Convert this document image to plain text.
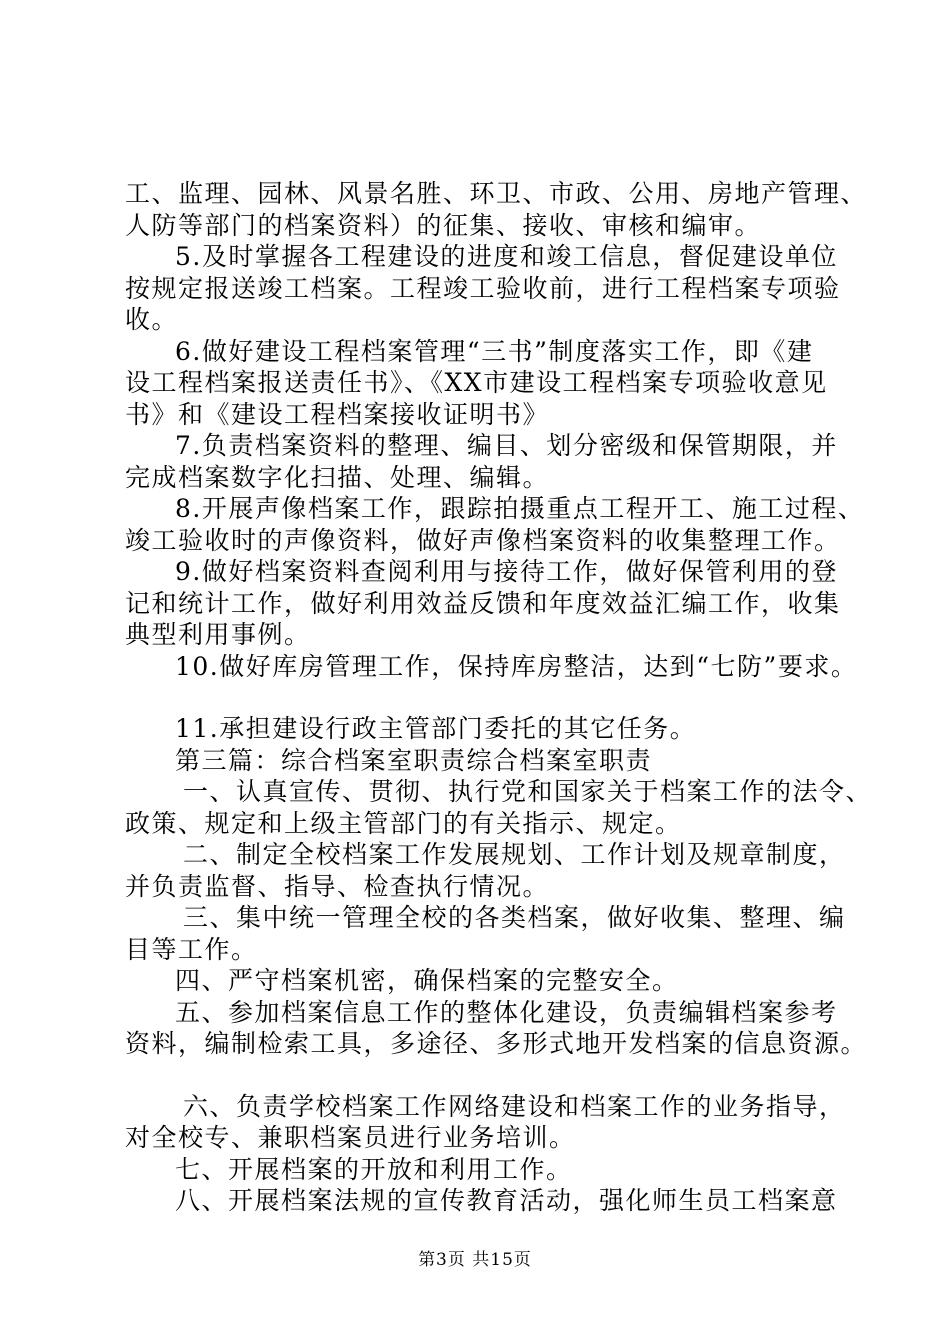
工、监理、园林、风景名胜、环卫、市政、公用、房地产管理、
人防等部门的档案资料）的征集、接收、审核和编审。
5.及时掌握各工程建设的进度和竣工信息，督促建设单位
按规定报送竣工档案。工程竣工验收前，进行工程档案专项验
收。
6.做好建设工程档案管理“三书”制度落实工作，即《建
设工程档案报送责任书》、《XX市建设工程档案专项验收意见
书》和《建设工程档案接收证明书》
7.负责档案资料的整理、编目、划分密级和保管期限，并
完成档案数字化扫描、处理、编辑。
8.开展声像档案工作，跟踪拍摄重点工程开工、施工过程、
竣工验收时的声像资料，做好声像档案资料的收集整理工作。
9.做好档案资料查阅利用与接待工作，做好保管利用的登
记和统计工作，做好利用效益反馈和年度效益汇编工作，收集
典型利用事例。
10.做好库房管理工作，保持库房整洁，达到“七防”要求。
11.承担建设行政主管部门委托的其它任务。
第三篇：综合档案室职责综合档案室职责
一、认真宣传、贯彻、执行党和国家关于档案工作的法令、
政策、规定和上级主管部门的有关指示、规定。
二、制定全校档案工作发展规划、工作计划及规章制度，
并负责监督、指导、检查执行情况。
三、集中统一管理全校的各类档案，做好收集、整理、编
目等工作。
四、严守档案机密，确保档案的完整安全。
五、参加档案信息工作的整体化建设，负责编辑档案参考
资料，编制检索工具，多途径、多形式地开发档案的信息资源。
六、负责学校档案工作网络建设和档案工作的业务指导，
对全校专、兼职档案员进行业务培训。
七、开展档案的开放和利用工作。
八、开展档案法规的宣传教育活动，强化师生员工档案意
第3页 共15页
